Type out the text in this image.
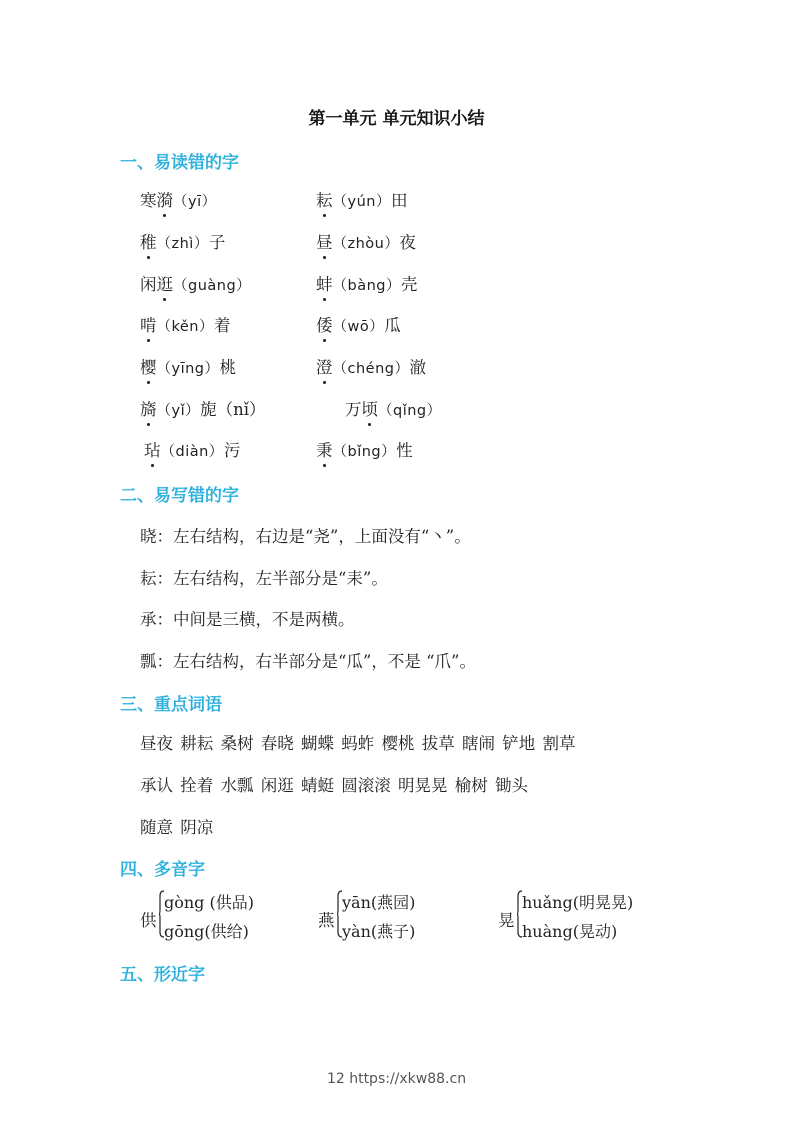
第一单元 单元知识小结
一、易读错的字
寒漪（yī）	耘（yún）田
稚（zhì）子	昼（zhòu）夜
闲逛（guàng）	蚌（bàng）壳
啃（kěn）着	倭（wō）瓜
樱（yīng）桃	澄（chéng）澈
旖（yǐ）旎（nǐ）	万顷（qǐng）
玷（diàn）污	秉（bǐng）性
二、易写错的字
晓：左右结构，右边是“尧”，上面没有“丶”。
耘：左右结构，左半部分是“耒”。
承：中间是三横，不是两横。
瓢：左右结构，右半部分是“瓜”，不是 “爪”。
三、重点词语
昼夜 耕耘 桑树 春晓 蝴蝶 蚂蚱 樱桃 拔草 瞎闹 铲地 割草
承认 拴着 水瓢 闲逛 蜻蜓 圆滚滚 明晃晃 榆树 锄头
随意 阴凉
四、多音字
供
gòng (供品)
gōng(供给)
燕
yān(燕园)
yàn(燕子)
晃
huǎng(明晃晃)
huàng(晃动)
五、形近字
12 https://xkw88.cn
